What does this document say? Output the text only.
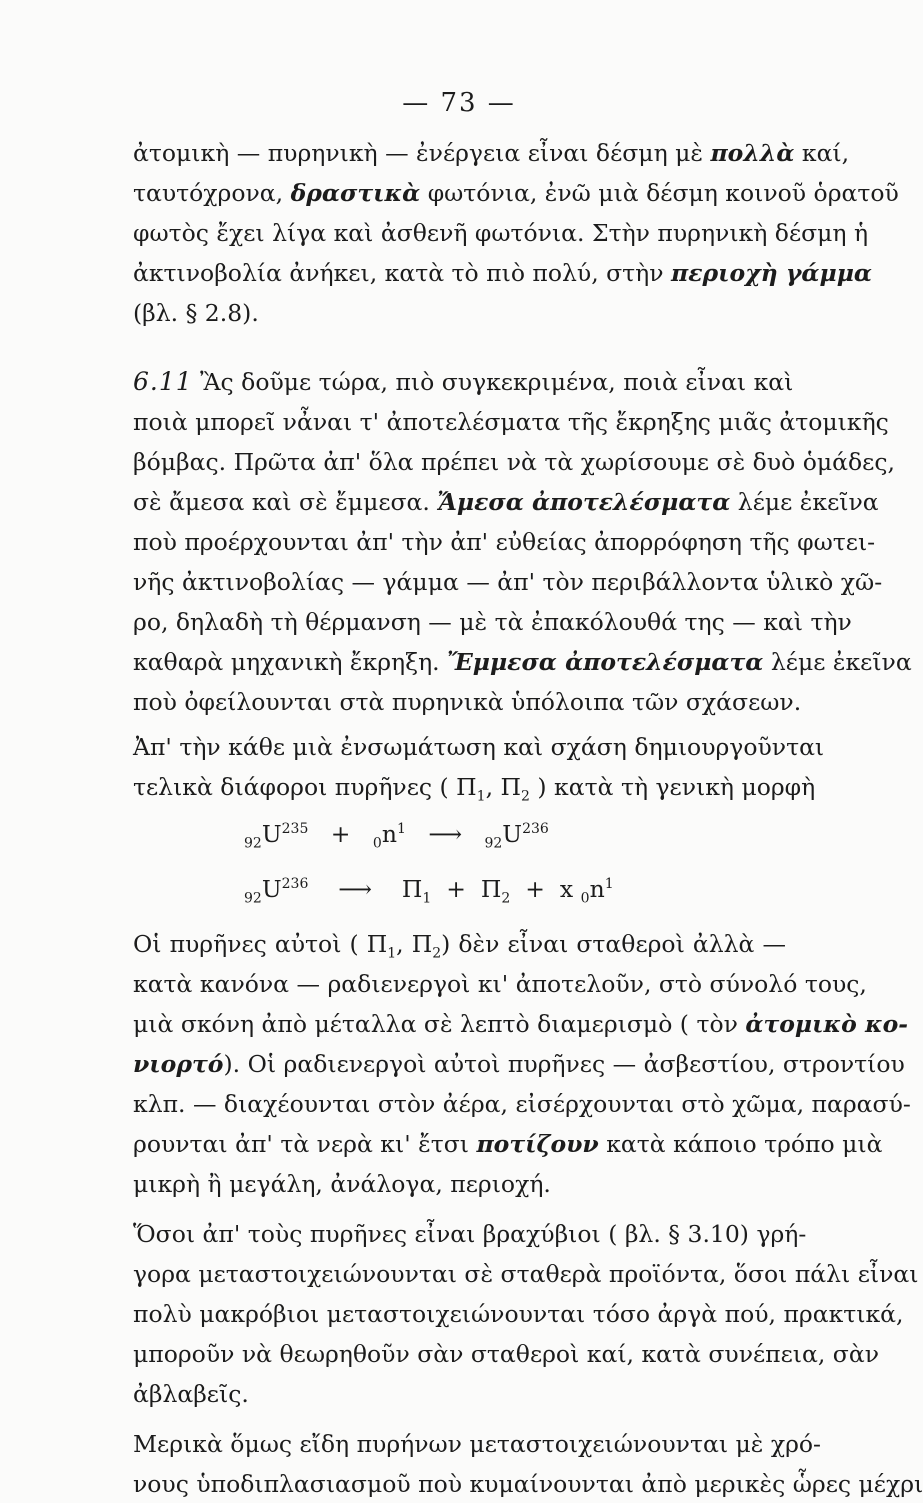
— 73 —
ἀτομικὴ — πυρηνικὴ — ἐνέργεια εἶναι δέσμη μὲ πολλὰ καί,
ταυτόχρονα, δραστικὰ φωτόνια, ἐνῶ μιὰ δέσμη κοινοῦ ὁρατοῦ
φωτὸς ἔχει λίγα καὶ ἀσθενῆ φωτόνια. Στὴν πυρηνικὴ δέσμη ἡ
ἀκτινοβολία ἀνήκει, κατὰ τὸ πιὸ πολύ, στὴν περιοχὴ γάμμα
(βλ. § 2.8).
6.11 Ἂς δοῦμε τώρα, πιὸ συγκεκριμένα, ποιὰ εἶναι καὶ
ποιὰ μπορεῖ νἆναι τ' ἀποτελέσματα τῆς ἔκρηξης μιᾶς ἀτομικῆς
βόμβας. Πρῶτα ἀπ' ὅλα πρέπει νὰ τὰ χωρίσουμε σὲ δυὸ ὁμάδες,
σὲ ἄμεσα καὶ σὲ ἔμμεσα. Ἄμεσα ἀποτελέσματα λέμε ἐκεῖνα
ποὺ προέρχουνται ἀπ' τὴν ἀπ' εὐθείας ἀπορρόφηση τῆς φωτει-
νῆς ἀκτινοβολίας — γάμμα — ἀπ' τὸν περιβάλλοντα ὑλικὸ χῶ-
ρο, δηλαδὴ τὴ θέρμανση — μὲ τὰ ἐπακόλουθά της — καὶ τὴν
καθαρὰ μηχανικὴ ἔκρηξη. Ἔμμεσα ἀποτελέσματα λέμε ἐκεῖνα
ποὺ ὀφείλουνται στὰ πυρηνικὰ ὑπόλοιπα τῶν σχάσεων.
Ἀπ' τὴν κάθε μιὰ ἐνσωμάτωση καὶ σχάση δημιουργοῦνται
τελικὰ διάφοροι πυρῆνες ( $\Pi_1$, $\Pi_2$ ) κατὰ τὴ γενικὴ μορφὴ
$_{92}U^{235} + _0n^1$ ⟶ $_{92}U^{236}$
$_{92}U^{236}$ ⟶ $\Pi_1 + \Pi_2 + x$ $_0n^1$
Οἱ πυρῆνες αὐτοὶ ( $\Pi_1$, $\Pi_2$) δὲν εἶναι σταθεροὶ ἀλλὰ —
κατὰ κανόνα — ραδιενεργοὶ κι' ἀποτελοῦν, στὸ σύνολό τους,
μιὰ σκόνη ἀπὸ μέταλλα σὲ λεπτὸ διαμερισμὸ ( τὸν ἀτομικὸ κο-
νιορτό). Οἱ ραδιενεργοὶ αὐτοὶ πυρῆνες — ἀσβεστίου, στροντίου
κλπ. — διαχέουνται στὸν ἀέρα, εἰσέρχουνται στὸ χῶμα, παρασύ-
ρουνται ἀπ' τὰ νερὰ κι' ἔτσι ποτίζουν κατὰ κάποιο τρόπο μιὰ
μικρὴ ἢ μεγάλη, ἀνάλογα, περιοχή.
Ὅσοι ἀπ' τοὺς πυρῆνες εἶναι βραχύβιοι ( βλ. § 3.10) γρή-
γορα μεταστοιχειώνουνται σὲ σταθερὰ προϊόντα, ὅσοι πάλι εἶναι
πολὺ μακρόβιοι μεταστοιχειώνουνται τόσο ἀργὰ πού, πρακτικά,
μποροῦν νὰ θεωρηθοῦν σὰν σταθεροὶ καί, κατὰ συνέπεια, σὰν
ἀβλαβεῖς.
Μερικὰ ὅμως εἴδη πυρήνων μεταστοιχειώνουνται μὲ χρό-
νους ὑποδιπλασιασμοῦ ποὺ κυμαίνουνται ἀπὸ μερικὲς ὧρες μέχρι
